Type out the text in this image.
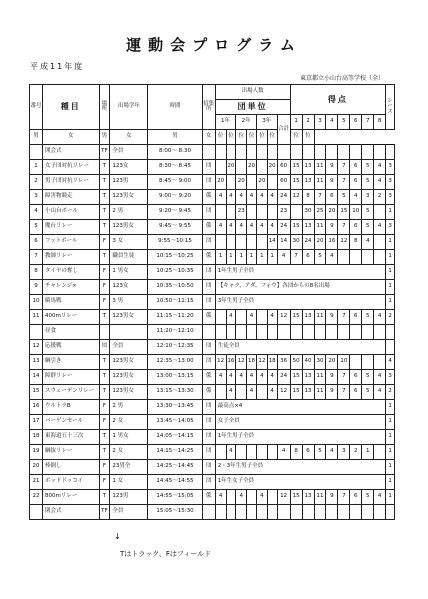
運動会プログラム
平成11年度
東京都立小山台高等学校（全）
番号	種目	場所	出場学年	時間	招集所	出場人数							得点								レース
						団単位															
						1年		2年		3年		合計	1	2	3	4	5	6	7	8	
男	女	男	女	男	女	位	位	位	位	位	位		位	位							
	開会式	TF	全員	8:00〜 8:30																	
1	女子団対抗リレー	T	123女	8:30〜 8:45	団		20		20		20	60	15	13	11	9	7	6	5	4	3
2	男子団対抗リレー	T	123男	8:45〜 9:00	団	20		20		20		60	15	13	11	9	7	6	5	4	3
3	障害物競走	T	123男女	9:00〜 9:20	係	4	4	4	4	4	4	24	12	8	7	6	5	4	3	2	3
4	小山台ボール	T	2 男	9:20〜 9:45	団			23				23		30	25	20	15	10	5		1
5	魔台リレー	T	123男女	9:45〜 9:55	係	4	4	4	4	4	4	24	15	13	11	9	7	6	5	4	3
6	フットボール	F	3 女	9:55〜10:15	団						14	14	30	24	20	16	12	8	4		1
7	教師リレー	T	職員生徒	10:15〜10:25	係	1	1	1	1	1	1	4	7	6	5	4					1
8	タイヤの奪し	F	1 男女	10:25〜10:35	団	1年生男子全員															1
9	チャレンジ∞	F	123女	10:35〜10:50	団	【キャラ、アダ、フォウ】各団からの8名出場															1
10	騎馬戦	F	3 男	10:50〜11:15	団	3年生男子全員															1
11	400mリレー	T	123男女	11:15〜11:20	係		4		4		4	12	15	13	11	9	7	6	5	4	2
	昼食			11:20〜12:10																	
12	応援戦	団	全員	12:10〜12:35	団	生徒全員															
13	綱引き	T	123男女	12:35〜13:00	団	12	16	12	18	12	18	36	50	40	30	20	10				4
14	障群リレー	T	123男女	13:00〜13:15	係	4	4	4	4	4	4	24	15	13	11	9	7	6	5	4	3
15	スウェーデンリレー	T	123男女	13:15〜13:30	係		4		4		4	12	15	13	11	9	7	6	5	4	2
16	ウルトラB	F	2 男	13:30〜13:45	団	最高点×4															1
17	バーゲンセール	F	2 女	13:45〜14:05	団	女子全員															1
18	東海道五十三次	T	1 男女	14:05〜14:15	団	1年生男子全員															1
19	綱抜リレー	T	2 女	14:15〜14:25	団		4					4	8	6	5	4	3	2	1		1
20	棒倒し	F	23男全	14:25〜14:45	団	2・3年生男子全員															1
21	ボッドドッコイ	F	1 女	14:45〜14:55	団	1年生女子全員															1
22	800mリレー	T	123男	14:55〜15:05	係	4		4		4		12	15	13	11	9	7	6	5	4	1
	閉会式	TF	全員	15:05〜15:30																	
↓
Tはトラック、Fはフィールド
